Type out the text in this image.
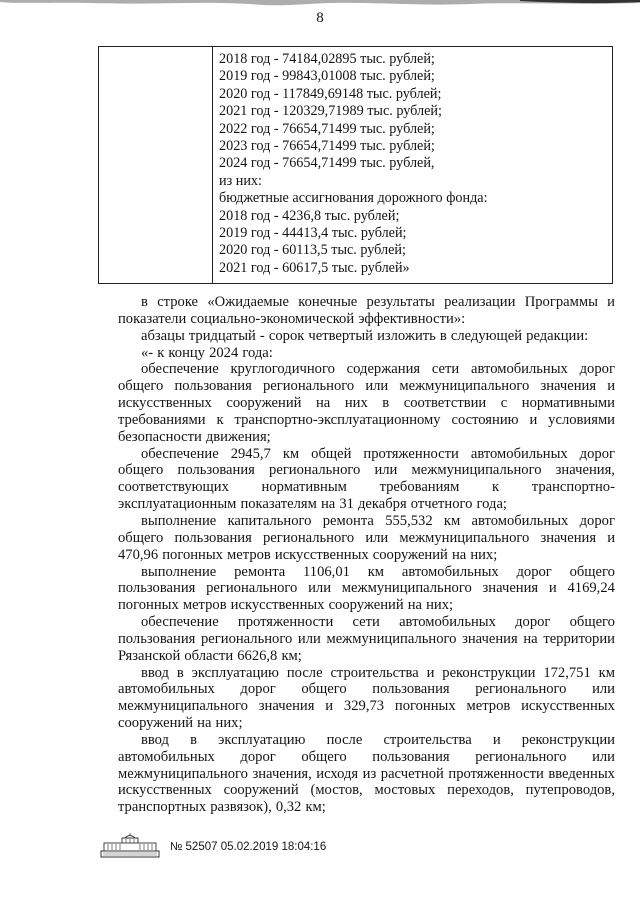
8
2018 год - 74184,02895 тыс. рублей;
2019 год - 99843,01008 тыс. рублей;
2020 год - 117849,69148 тыс. рублей;
2021 год - 120329,71989 тыс. рублей;
2022 год - 76654,71499 тыс. рублей;
2023 год - 76654,71499 тыс. рублей;
2024 год - 76654,71499 тыс. рублей,
из них:
бюджетные ассигнования дорожного фонда:
2018 год - 4236,8 тыс. рублей;
2019 год - 44413,4 тыс. рублей;
2020 год - 60113,5 тыс. рублей;
2021 год - 60617,5 тыс. рублей»
в строке «Ожидаемые конечные результаты реализации Программы и
показатели социально-экономической эффективности»:
абзацы тридцатый - сорок четвертый изложить в следующей редакции:
«- к концу 2024 года:
обеспечение круглогодичного содержания сети автомобильных дорог
общего пользования регионального или межмуниципального значения и
искусственных сооружений на них в соответствии с нормативными
требованиями к транспортно-эксплуатационному состоянию и условиями
безопасности движения;
обеспечение 2945,7 км общей протяженности автомобильных дорог
общего пользования регионального или межмуниципального значения,
соответствующих нормативным требованиям к транспортно-
эксплуатационным показателям на 31 декабря отчетного года;
выполнение капитального ремонта 555,532 км автомобильных дорог
общего пользования регионального или межмуниципального значения и
470,96 погонных метров искусственных сооружений на них;
выполнение ремонта 1106,01 км автомобильных дорог общего
пользования регионального или межмуниципального значения и 4169,24
погонных метров искусственных сооружений на них;
обеспечение протяженности сети автомобильных дорог общего
пользования регионального или межмуниципального значения на территории
Рязанской области 6626,8 км;
ввод в эксплуатацию после строительства и реконструкции 172,751 км
автомобильных дорог общего пользования регионального или
межмуниципального значения и 329,73 погонных метров искусственных
сооружений на них;
ввод в эксплуатацию после строительства и реконструкции
автомобильных дорог общего пользования регионального или
межмуниципального значения, исходя из расчетной протяженности введенных
искусственных сооружений (мостов, мостовых переходов, путепроводов,
транспортных развязок), 0,32 км;
№ 52507 05.02.2019 18:04:16
